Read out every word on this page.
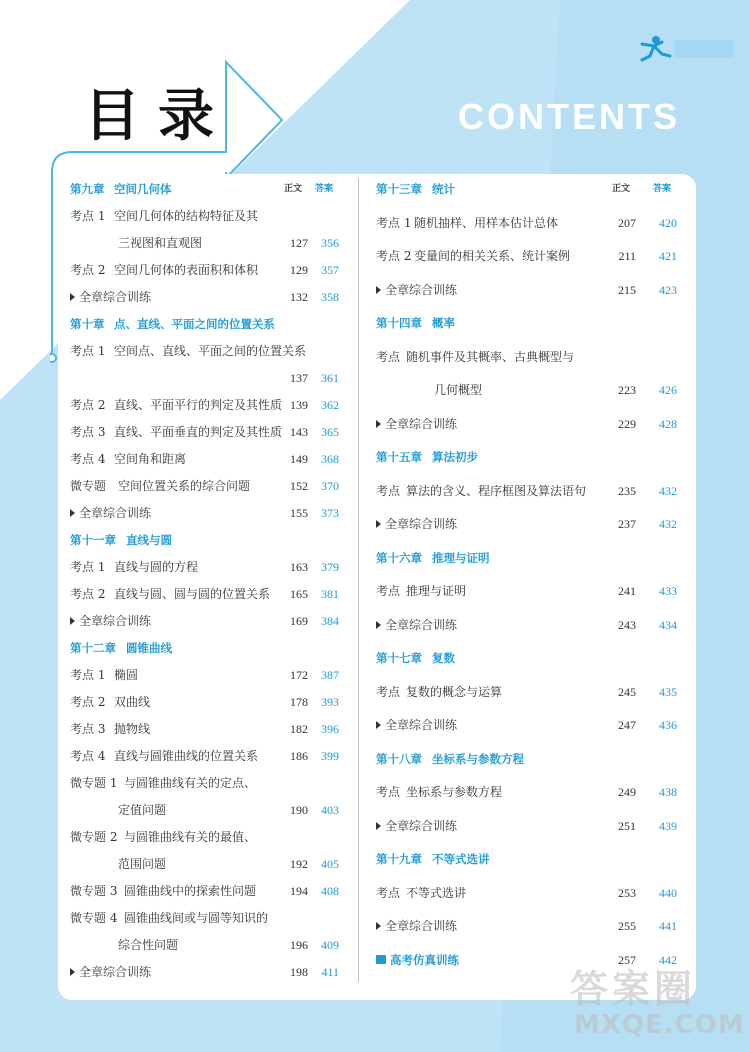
目录	CONTENTS
第九章 空间几何体	正文 答案
考点 1 空间几何体的结构特征及其
三视图和直观图	127	356
考点 2 空间几何体的表面积和体积	129	357
全章综合训练	132	358
第十章 点、直线、平面之间的位置关系
考点 1 空间点、直线、平面之间的位置关系
137	361
考点 2 直线、平面平行的判定及其性质 139	362
考点 3 直线、平面垂直的判定及其性质 143	365
考点 4 空间角和距离	149	368
微专题 空间位置关系的综合问题	152	370
全章综合训练	155	373
第十一章 直线与圆
考点 1 直线与圆的方程	163	379
考点 2 直线与圆、圆与圆的位置关系	165	381
全章综合训练	169	384
第十二章 圆锥曲线
考点 1 椭圆	172	387
考点 2 双曲线	178	393
考点 3 抛物线	182	396
考点 4 直线与圆锥曲线的位置关系	186	399
微专题 1 与圆锥曲线有关的定点、
定值问题	190	403
微专题 2 与圆锥曲线有关的最值、
范围问题	192	405
微专题 3 圆锥曲线中的探索性问题	194	408
微专题 4 圆锥曲线间或与圆等知识的
综合性问题	196	409
全章综合训练	198	411
第十三章 统计	正文	答案
考点 1 随机抽样、用样本估计总体	207	420
考点 2 变量间的相关关系、统计案例	211	421
全章综合训练	215	423
第十四章 概率
考点 随机事件及其概率、古典概型与
几何概型	223	426
全章综合训练	229	428
第十五章 算法初步
考点 算法的含义、程序框图及算法语句	235	432
全章综合训练	237	432
第十六章 推理与证明
考点 推理与证明	241	433
全章综合训练	243	434
第十七章 复数
考点 复数的概念与运算	245	435
全章综合训练	247	436
第十八章 坐标系与参数方程
考点 坐标系与参数方程	249	438
全章综合训练	251	439
第十九章 不等式选讲
考点 不等式选讲	253	440
全章综合训练	255	441
高考仿真训练	257	442
答案圈
MXQE.COM
